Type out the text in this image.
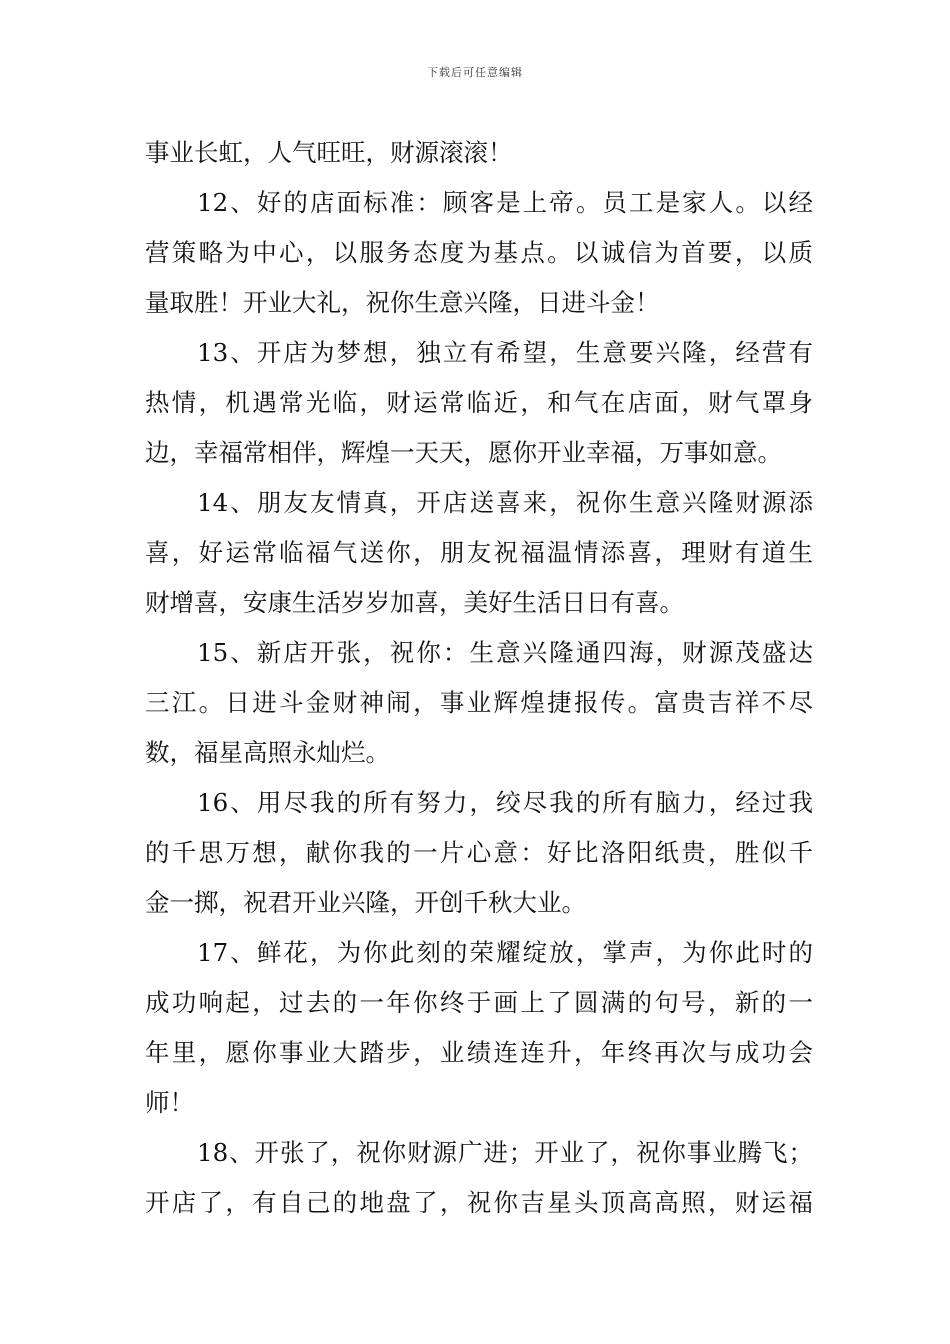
下载后可任意编辑
事业长虹，人气旺旺，财源滚滚！
12、好的店面标准：顾客是上帝。员工是家人。以经
营策略为中心，以服务态度为基点。以诚信为首要，以质
量取胜！开业大礼，祝你生意兴隆，日进斗金！
13、开店为梦想，独立有希望，生意要兴隆，经营有
热情，机遇常光临，财运常临近，和气在店面，财气罩身
边，幸福常相伴，辉煌一天天，愿你开业幸福，万事如意。
14、朋友友情真，开店送喜来，祝你生意兴隆财源添
喜，好运常临福气送你，朋友祝福温情添喜，理财有道生
财增喜，安康生活岁岁加喜，美好生活日日有喜。
15、新店开张，祝你：生意兴隆通四海，财源茂盛达
三江。日进斗金财神闹，事业辉煌捷报传。富贵吉祥不尽
数，福星高照永灿烂。
16、用尽我的所有努力，绞尽我的所有脑力，经过我
的千思万想，献你我的一片心意：好比洛阳纸贵，胜似千
金一掷，祝君开业兴隆，开创千秋大业。
17、鲜花，为你此刻的荣耀绽放，掌声，为你此时的
成功响起，过去的一年你终于画上了圆满的句号，新的一
年里，愿你事业大踏步，业绩连连升，年终再次与成功会
师！
18、开张了，祝你财源广进；开业了，祝你事业腾飞；
开店了，有自己的地盘了，祝你吉星头顶高高照，财运福
